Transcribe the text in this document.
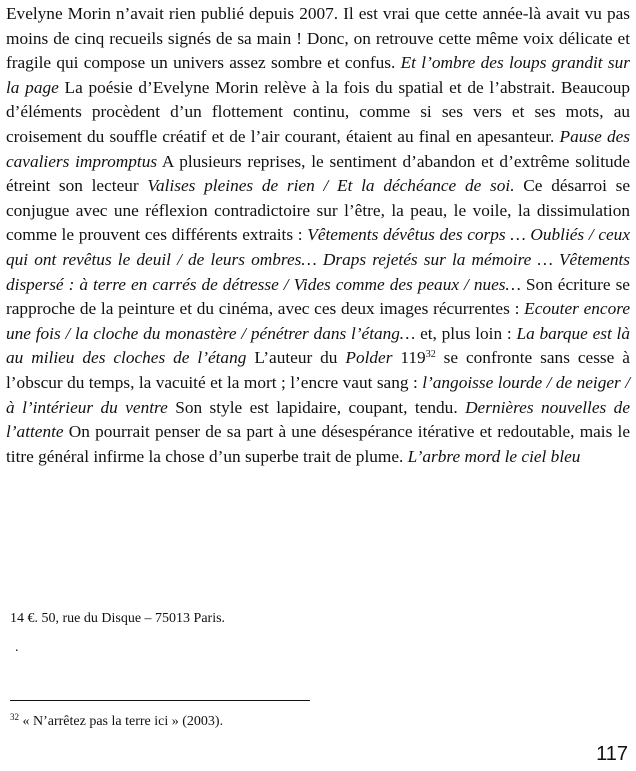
Evelyne Morin n’avait rien publié depuis 2007. Il est vrai que cette année-là avait vu pas moins de cinq recueils signés de sa main ! Donc, on retrouve cette même voix délicate et fragile qui compose un univers assez sombre et confus. Et l’ombre des loups grandit sur la page La poésie d’Evelyne Morin relève à la fois du spatial et de l’abstrait. Beaucoup d’éléments procèdent d’un flottement continu, comme si ses vers et ses mots, au croisement du souffle créatif et de l’air courant, étaient au final en apesanteur. Pause des cavaliers impromptus A plusieurs reprises, le sentiment d’abandon et d’extrême solitude étreint son lecteur Valises pleines de rien / Et la déchéance de soi. Ce désarroi se conjugue avec une réflexion contradictoire sur l’être, la peau, le voile, la dissimulation comme le prouvent ces différents extraits : Vêtements dévêtus des corps … Oubliés / ceux qui ont revêtus le deuil / de leurs ombres… Draps rejetés sur la mémoire … Vêtements dispersé : à terre en carrés de détresse / Vides comme des peaux / nues… Son écriture se rapproche de la peinture et du cinéma, avec ces deux images récurrentes : Ecouter encore une fois / la cloche du monastère / pénétrer dans l’étang… et, plus loin : La barque est là au milieu des cloches de l’étang L’auteur du Polder $119^{32}$ se confronte sans cesse à l’obscur du temps, la vacuité et la mort ; l’encre vaut sang : l’angoisse lourde / de neiger / à l’intérieur du ventre Son style est lapidaire, coupant, tendu. Dernières nouvelles de l’attente On pourrait penser de sa part à une désespérance itérative et redoutable, mais le titre général infirme la chose d’un superbe trait de plume. L’arbre mord le ciel bleu

14 €. 50, rue du Disque – 75013 Paris.

.

$^{32}$ « N’arrêtez pas la terre ici » (2003).

117
